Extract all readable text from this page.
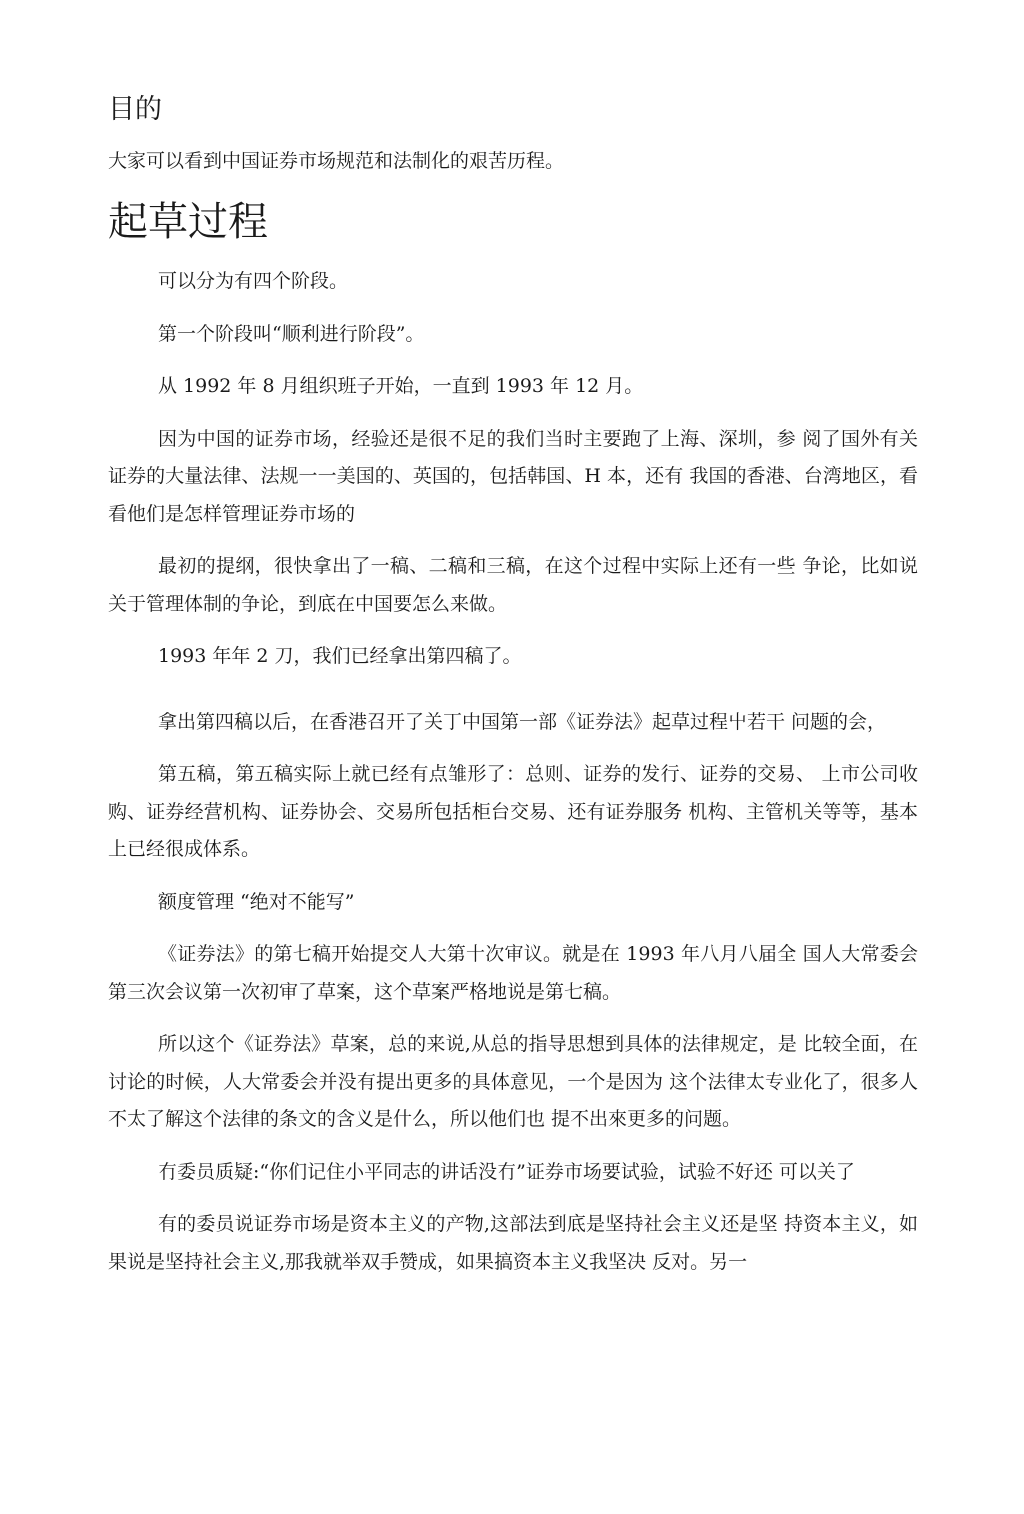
目的
大家可以看到中国证券市场规范和法制化的艰苦历程。
起草过程

可以分为有四个阶段。

第一个阶段叫“顺利进行阶段”。

从 1992 年 8 月组织班子开始，一直到 1993 年 12 月。

因为中国的证券市场，经验还是很不足的我们当时主要跑了上海、深圳，参 阅了国外有关证券的大量法律、法规一一美国的、英国的，包括韩国、H 本，还有 我国的香港、台湾地区，看看他们是怎样管理证券市场的

最初的提纲，很快拿出了一稿、二稿和三稿，在这个过程中实际上还有一些 争论，比如说关于管理体制的争论，到底在中国要怎么来做。

1993 年年 2 刀，我们已经拿出第四稿了。

拿出第四稿以后，在香港召开了关丁中国第一部《证券法》起草过程屮若干 问题的会，

第五稿，第五稿实际上就已经有点雏形了：总则、证券的发行、证券的交易、 上市公司收购、证券经营机构、证券协会、交易所包括柜台交易、还有证券服务 机构、主管机关等等，基本上已经很成体系。

额度管理 “绝对不能写”

《证券法》的第七稿开始提交人大第十次审议。就是在 1993 年八月八届全 国人大常委会第三次会议第一次初审了草案，这个草案严格地说是第七稿。

所以这个《证券法》草案，总的来说,从总的指导思想到具体的法律规定，是 比较全面，在讨论的时候，人大常委会并没有提出更多的具体意见，一个是因为 这个法律太专业化了，很多人不太了解这个法律的条文的含义是什么，所以他们也 提不出來更多的问题。

冇委员质疑:“你们记住小平同志的讲话没冇”证券市场要试验，试验不好还 可以关了

有的委员说证券市场是资本主义的产物,这部法到底是坚持社会主义还是坚 持资本主义，如果说是坚持社会主义,那我就举双手赞成，如果搞资本主义我坚决 反对。另一
